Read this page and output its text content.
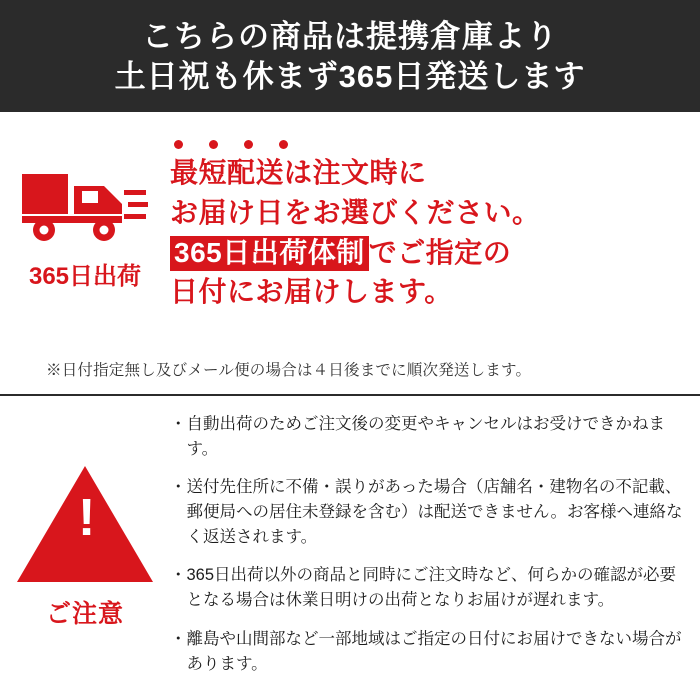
こちらの商品は提携倉庫より
土日祝も休まず365日発送します
365日出荷
最短配送は注文時に
お届け日をお選びください。
365日出荷体制 でご指定の
日付にお届けします。
※日付指定無し及びメール便の場合は４日後までに順次発送します。
!
ご注意
・ 自動出荷のためご注文後の変更やキャンセルはお受けできかねます。
・ 送付先住所に不備・誤りがあった場合（店舗名・建物名の不記載、郵便局への居住未登録を含む）は配送できません。お客様へ連絡なく返送されます。
・ 365日出荷以外の商品と同時にご注文時など、何らかの確認が必要となる場合は休業日明けの出荷となりお届けが遅れます。
・ 離島や山間部など一部地域はご指定の日付にお届けできない場合があります。
